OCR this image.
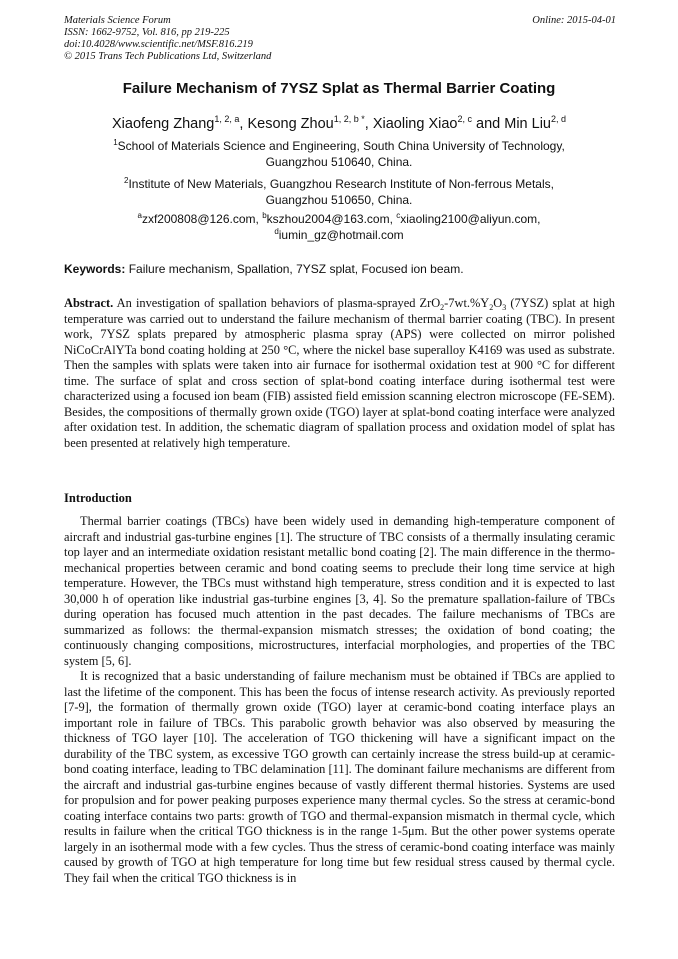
Materials Science Forum
ISSN: 1662-9752, Vol. 816, pp 219-225
doi:10.4028/www.scientific.net/MSF.816.219
© 2015 Trans Tech Publications Ltd, Switzerland
Online: 2015-04-01
Failure Mechanism of 7YSZ Splat as Thermal Barrier Coating
Xiaofeng Zhang$^{1, 2, a}$, Kesong Zhou$^{1, 2, b *}$, Xiaoling Xiao$^{2, c}$ and Min Liu$^{2, d}$
$^1$School of Materials Science and Engineering, South China University of Technology,
Guangzhou 510640, China.
$^2$Institute of New Materials, Guangzhou Research Institute of Non-ferrous Metals,
Guangzhou 510650, China.
$^a$zxf200808@126.com, $^b$kszhou2004@163.com, $^c$xiaoling2100@aliyun.com,
$^d$iumin_gz@hotmail.com
Keywords: Failure mechanism, Spallation, 7YSZ splat, Focused ion beam.

Abstract. An investigation of spallation behaviors of plasma-sprayed $ZrO_2-7wt.\%Y_2O_3$ (7YSZ) splat at high temperature was carried out to understand the failure mechanism of thermal barrier coating (TBC). In present work, 7YSZ splats prepared by atmospheric plasma spray (APS) were collected on mirror polished NiCoCrAlYTa bond coating holding at 250 °C, where the nickel base superalloy K4169 was used as substrate. Then the samples with splats were taken into air furnace for isothermal oxidation test at 900 °C for different time. The surface of splat and cross section of splat-bond coating interface during isothermal test were characterized using a focused ion beam (FIB) assisted field emission scanning electron microscope (FE-SEM). Besides, the compositions of thermally grown oxide (TGO) layer at splat-bond coating interface were analyzed after oxidation test. In addition, the schematic diagram of spallation process and oxidation model of splat has been presented at relatively high temperature.

Introduction

Thermal barrier coatings (TBCs) have been widely used in demanding high-temperature component of aircraft and industrial gas-turbine engines [1]. The structure of TBC consists of a thermally insulating ceramic top layer and an intermediate oxidation resistant metallic bond coating [2]. The main difference in the thermo-mechanical properties between ceramic and bond coating seems to preclude their long time service at high temperature. However, the TBCs must withstand high temperature, stress condition and it is expected to last 30,000 h of operation like industrial gas-turbine engines [3, 4]. So the premature spallation-failure of TBCs during operation has focused much attention in the past decades. The failure mechanisms of TBCs are summarized as follows: the thermal-expansion mismatch stresses; the oxidation of bond coating; the continuously changing compositions, microstructures, interfacial morphologies, and properties of the TBC system [5, 6].

It is recognized that a basic understanding of failure mechanism must be obtained if TBCs are applied to last the lifetime of the component. This has been the focus of intense research activity. As previously reported [7-9], the formation of thermally grown oxide (TGO) layer at ceramic-bond coating interface plays an important role in failure of TBCs. This parabolic growth behavior was also observed by measuring the thickness of TGO layer [10]. The acceleration of TGO thickening will have a significant impact on the durability of the TBC system, as excessive TGO growth can certainly increase the stress build-up at ceramic-bond coating interface, leading to TBC delamination [11]. The dominant failure mechanisms are different from the aircraft and industrial gas-turbine engines because of vastly different thermal histories. Systems are used for propulsion and for power peaking purposes experience many thermal cycles. So the stress at ceramic-bond coating interface contains two parts: growth of TGO and thermal-expansion mismatch in thermal cycle, which results in failure when the critical TGO thickness is in the range 1-5μm. But the other power systems operate largely in an isothermal mode with a few cycles. Thus the stress of ceramic-bond coating interface was mainly caused by growth of TGO at high temperature for long time but few residual stress caused by thermal cycle. They fail when the critical TGO thickness is in
